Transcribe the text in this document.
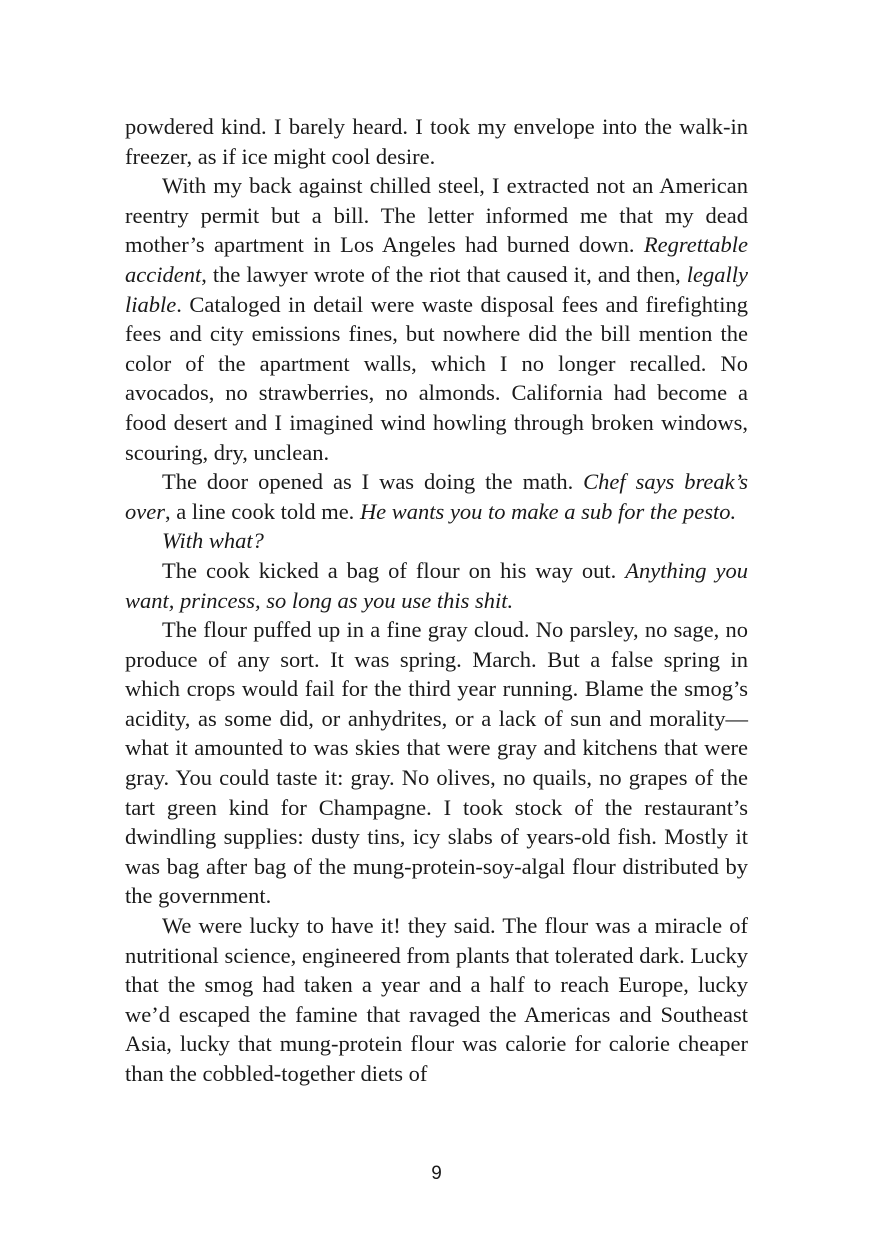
powdered kind. I barely heard. I took my envelope into the walk-in freezer, as if ice might cool desire.

With my back against chilled steel, I extracted not an American reentry permit but a bill. The letter informed me that my dead mother’s apartment in Los Angeles had burned down. Regrettable accident, the lawyer wrote of the riot that caused it, and then, legally liable. Cataloged in detail were waste disposal fees and firefighting fees and city emissions fines, but nowhere did the bill mention the color of the apartment walls, which I no longer recalled. No avocados, no strawberries, no almonds. California had become a food desert and I imagined wind howling through broken windows, scouring, dry, unclean.

The door opened as I was doing the math. Chef says break’s over, a line cook told me. He wants you to make a sub for the pesto.

With what?

The cook kicked a bag of flour on his way out. Anything you want, princess, so long as you use this shit.

The flour puffed up in a fine gray cloud. No parsley, no sage, no produce of any sort. It was spring. March. But a false spring in which crops would fail for the third year running. Blame the smog’s acidity, as some did, or anhydrites, or a lack of sun and morality—what it amounted to was skies that were gray and kitchens that were gray. You could taste it: gray. No olives, no quails, no grapes of the tart green kind for Champagne. I took stock of the restaurant’s dwindling supplies: dusty tins, icy slabs of years-old fish. Mostly it was bag after bag of the mung-protein-soy-algal flour distributed by the government.

We were lucky to have it! they said. The flour was a miracle of nutritional science, engineered from plants that tolerated dark. Lucky that the smog had taken a year and a half to reach Europe, lucky we’d escaped the famine that ravaged the Americas and Southeast Asia, lucky that mung-protein flour was calorie for calorie cheaper than the cobbled-together diets of

9
